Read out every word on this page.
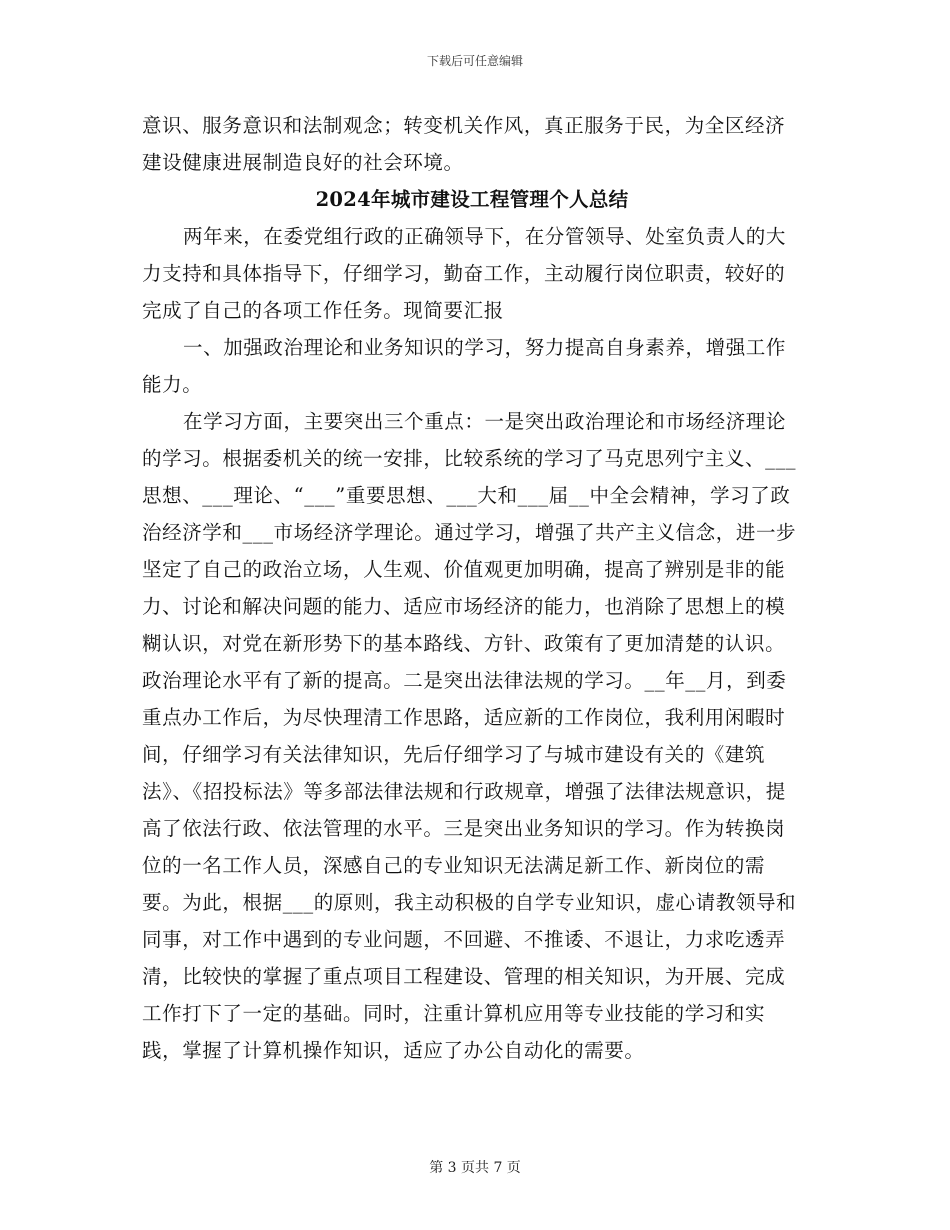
下载后可任意编辑

意识、服务意识和法制观念；转变机关作风，真正服务于民，为全区经济建设健康进展制造良好的社会环境。

2024年城市建设工程管理个人总结

两年来，在委党组行政的正确领导下，在分管领导、处室负责人的大力支持和具体指导下，仔细学习，勤奋工作，主动履行岗位职责，较好的完成了自己的各项工作任务。现简要汇报

一、加强政治理论和业务知识的学习，努力提高自身素养，增强工作能力。

在学习方面，主要突出三个重点：一是突出政治理论和市场经济理论的学习。根据委机关的统一安排，比较系统的学习了马克思列宁主义、___思想、___理论、“___”重要思想、___大和___届__中全会精神，学习了政治经济学和___市场经济学理论。通过学习，增强了共产主义信念，进一步坚定了自己的政治立场，人生观、价值观更加明确，提高了辨别是非的能力、讨论和解决问题的能力、适应市场经济的能力，也消除了思想上的模糊认识，对党在新形势下的基本路线、方针、政策有了更加清楚的认识。政治理论水平有了新的提高。二是突出法律法规的学习。__年__月，到委重点办工作后，为尽快理清工作思路，适应新的工作岗位，我利用闲暇时间，仔细学习有关法律知识，先后仔细学习了与城市建设有关的《建筑法》、《招投标法》等多部法律法规和行政规章，增强了法律法规意识，提高了依法行政、依法管理的水平。三是突出业务知识的学习。作为转换岗位的一名工作人员，深感自己的专业知识无法满足新工作、新岗位的需要。为此，根据___的原则，我主动积极的自学专业知识，虚心请教领导和同事，对工作中遇到的专业问题，不回避、不推诿、不退让，力求吃透弄清，比较快的掌握了重点项目工程建设、管理的相关知识，为开展、完成工作打下了一定的基础。同时，注重计算机应用等专业技能的学习和实践，掌握了计算机操作知识，适应了办公自动化的需要。

第 3 页共 7 页
